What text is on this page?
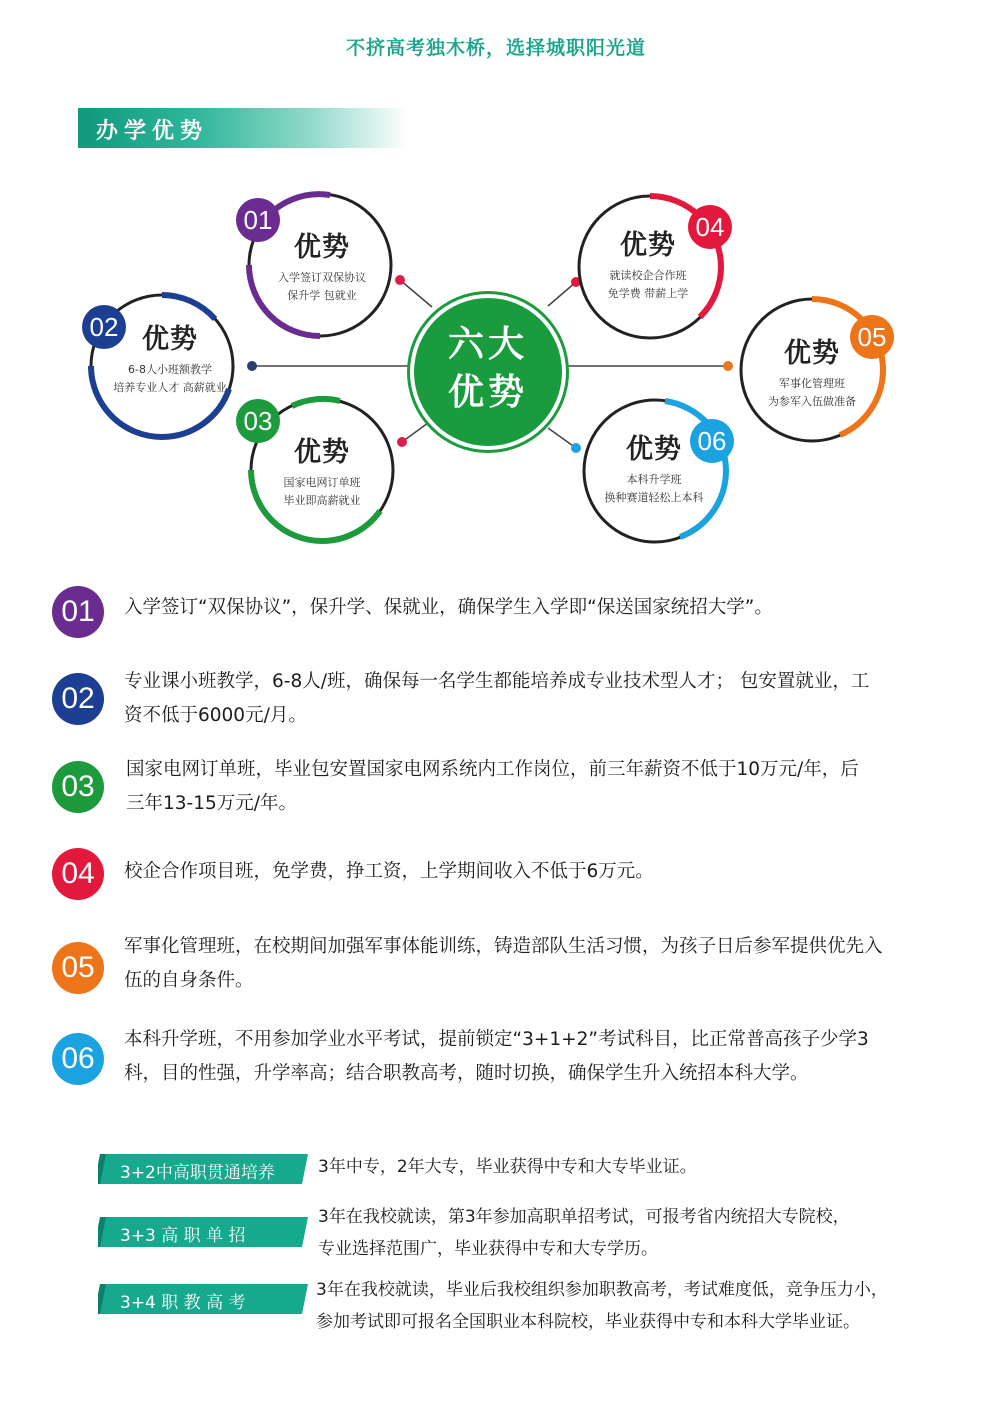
不挤高考独木桥，选择城职阳光道
办学优势
六大
优势
01
优势
入学签订双保协议
保升学 包就业
02 优势
6-8人小班额教学
培养专业人才 高薪就业
03
优势
国家电网订单班
毕业即高薪就业
04
优势
就读校企合作班
免学费 带薪上学
05
优势
军事化管理班
为参军入伍做准备
06
优势
本科升学班
换种赛道轻松上本科
01	入学签订“双保协议”，保升学、保就业，确保学生入学即“保送国家统招大学”。
02
专业课小班教学，6-8人/班，确保每一名学生都能培养成专业技术型人才； 包安置就业，工
资不低于6000元/月。
03
国家电网订单班，毕业包安置国家电网系统内工作岗位，前三年薪资不低于10万元/年，后
三年13-15万元/年。
04	校企合作项目班，免学费，挣工资，上学期间收入不低于6万元。
05
军事化管理班，在校期间加强军事体能训练，铸造部队生活习惯，为孩子日后参军提供优先入
伍的自身条件。
06
本科升学班，不用参加学业水平考试，提前锁定“3+1+2”考试科目，比正常普高孩子少学3
科，目的性强，升学率高；结合职教高考，随时切换，确保学生升入统招本科大学。
3+2中高职贯通培养	3年中专，2年大专，毕业获得中专和大专毕业证。
3+3 高 职 单 招
3年在我校就读，第3年参加高职单招考试，可报考省内统招大专院校，
专业选择范围广，毕业获得中专和大专学历。
3+4 职 教 高 考
3年在我校就读，毕业后我校组织参加职教高考，考试难度低，竞争压力小，
参加考试即可报名全国职业本科院校，毕业获得中专和本科大学毕业证。
